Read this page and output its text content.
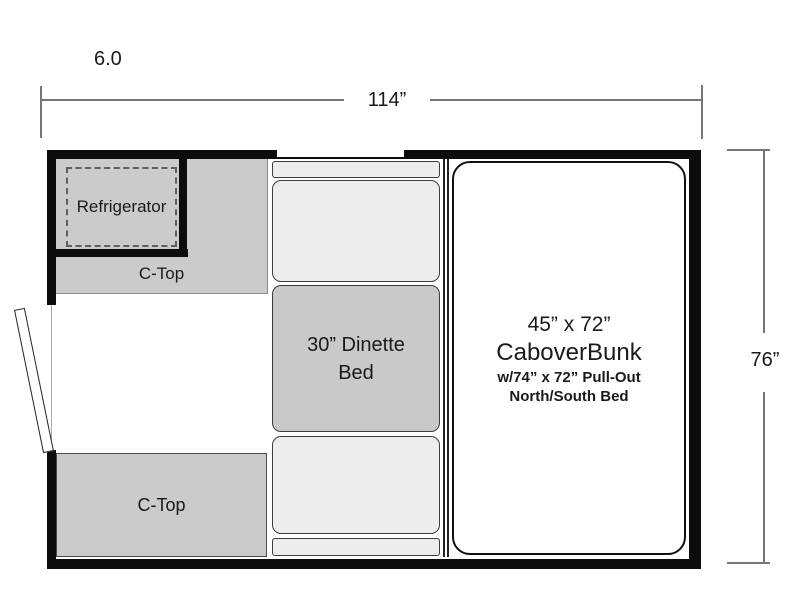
6.0
114”
76”
Refrigerator
C-Top
30” Dinette
Bed
45” x 72”
CaboverBunk
w/74” x 72” Pull-Out
North/South Bed
C-Top
